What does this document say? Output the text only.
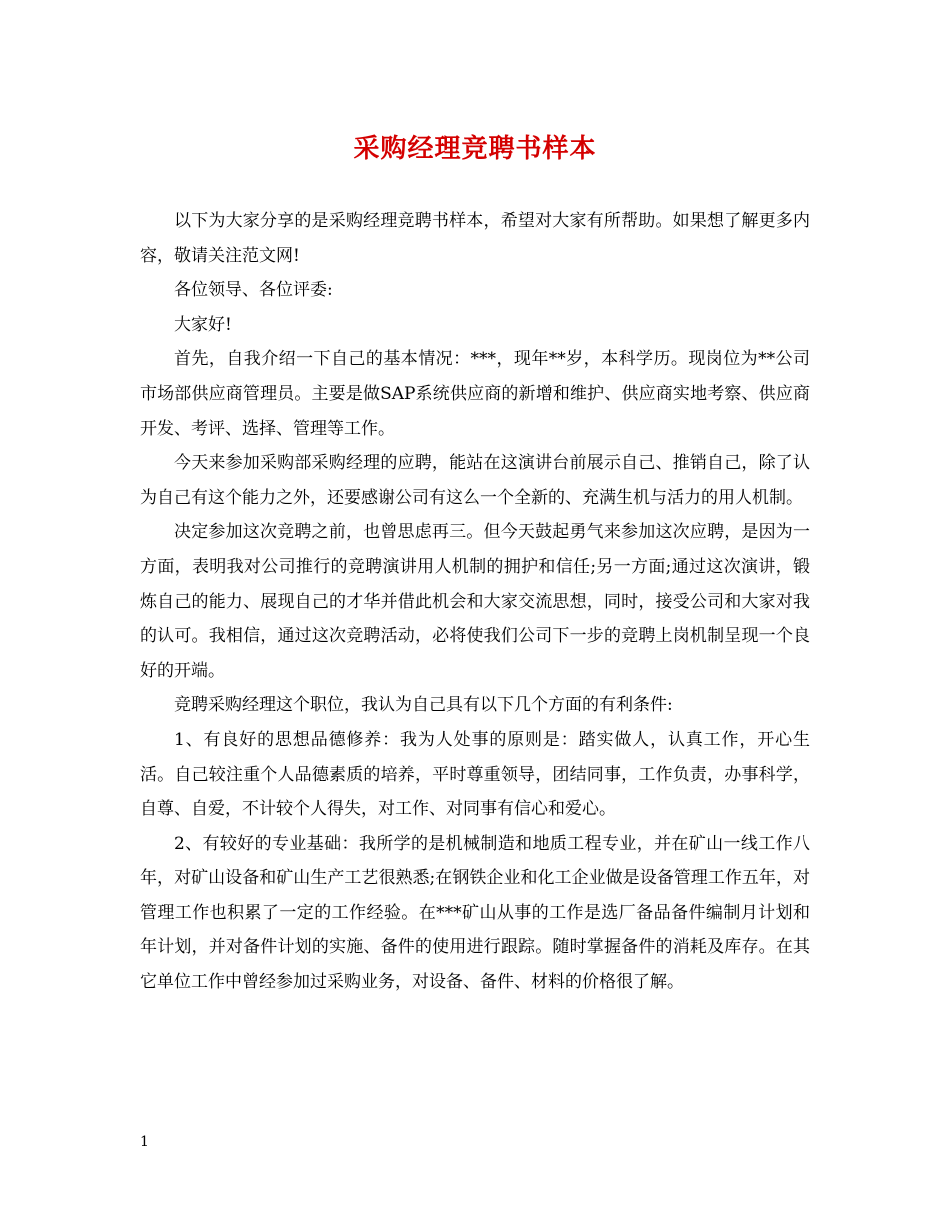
采购经理竞聘书样本

以下为大家分享的是采购经理竞聘书样本，希望对大家有所帮助。如果想了解更多内容，敬请关注范文网!

各位领导、各位评委:

大家好!

首先，自我介绍一下自己的基本情况：***，现年**岁，本科学历。现岗位为**公司市场部供应商管理员。主要是做SAP系统供应商的新增和维护、供应商实地考察、供应商开发、考评、选择、管理等工作。

今天来参加采购部采购经理的应聘，能站在这演讲台前展示自己、推销自己，除了认为自己有这个能力之外，还要感谢公司有这么一个全新的、充满生机与活力的用人机制。

决定参加这次竞聘之前，也曾思虑再三。但今天鼓起勇气来参加这次应聘，是因为一方面，表明我对公司推行的竞聘演讲用人机制的拥护和信任;另一方面;通过这次演讲，锻炼自己的能力、展现自己的才华并借此机会和大家交流思想，同时，接受公司和大家对我的认可。我相信，通过这次竞聘活动，必将使我们公司下一步的竞聘上岗机制呈现一个良好的开端。

竞聘采购经理这个职位，我认为自己具有以下几个方面的有利条件:

1、有良好的思想品德修养：我为人处事的原则是：踏实做人，认真工作，开心生活。自己较注重个人品德素质的培养，平时尊重领导，团结同事，工作负责，办事科学，自尊、自爱，不计较个人得失，对工作、对同事有信心和爱心。

2、有较好的专业基础：我所学的是机械制造和地质工程专业，并在矿山一线工作八年，对矿山设备和矿山生产工艺很熟悉;在钢铁企业和化工企业做是设备管理工作五年，对管理工作也积累了一定的工作经验。在***矿山从事的工作是选厂备品备件编制月计划和年计划，并对备件计划的实施、备件的使用进行跟踪。随时掌握备件的消耗及库存。在其它单位工作中曾经参加过采购业务，对设备、备件、材料的价格很了解。

1
